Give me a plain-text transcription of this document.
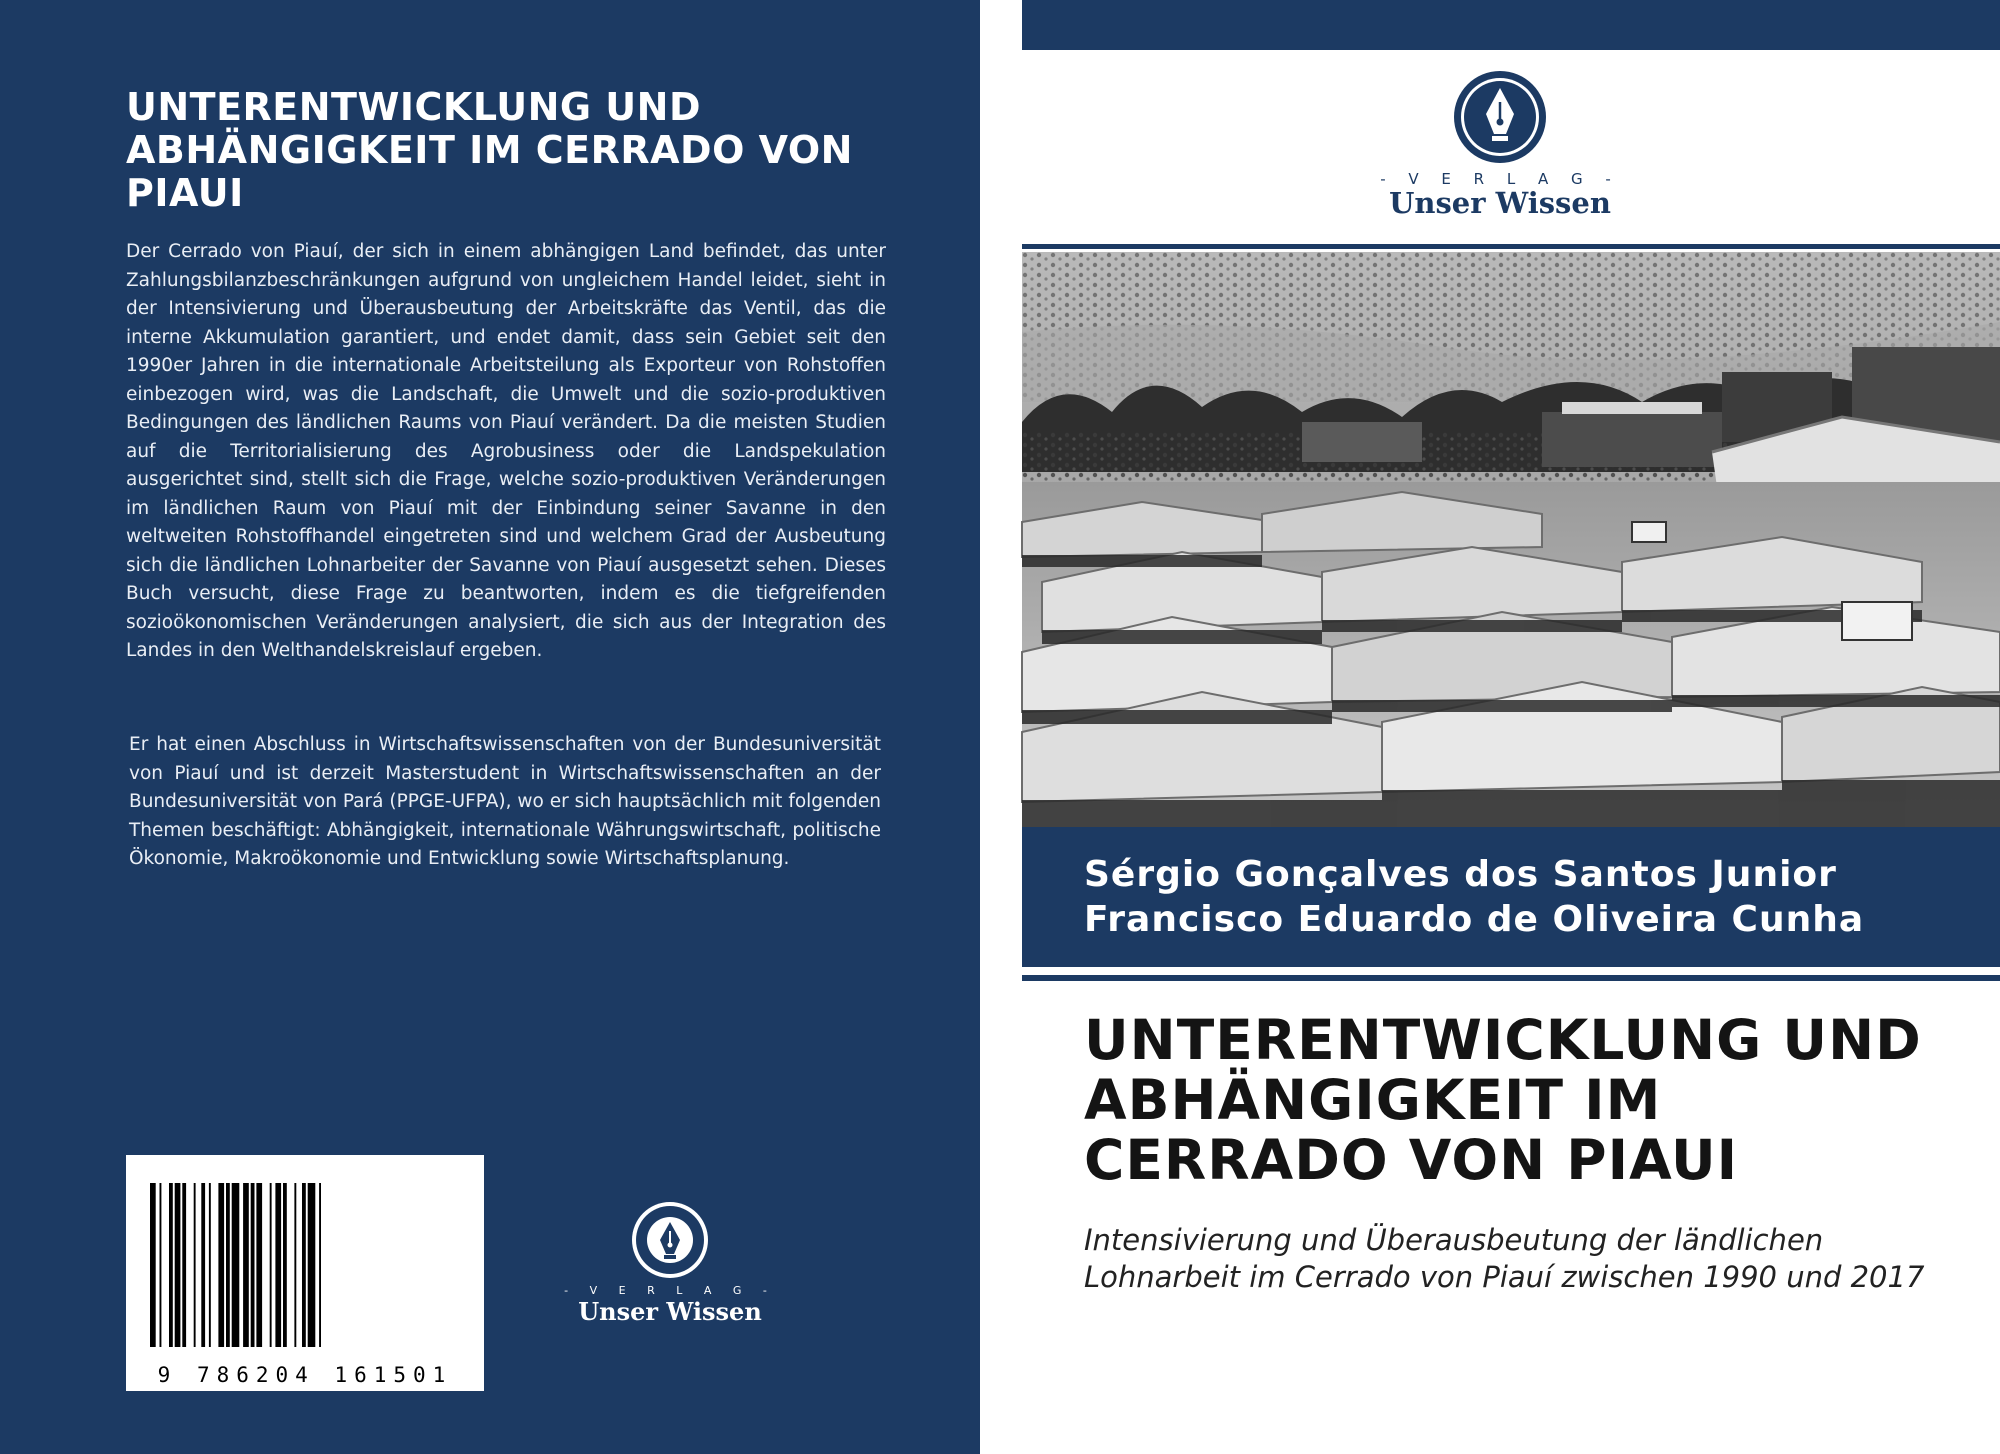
UNTERENTWICKLUNG UND ABHÄNGIGKEIT IM CERRADO VON PIAUI

Der Cerrado von Piauí, der sich in einem abhängigen Land befindet, das unter Zahlungsbilanzbeschränkungen aufgrund von ungleichem Handel leidet, sieht in der Intensivierung und Überausbeutung der Arbeitskräfte das Ventil, das die interne Akkumulation garantiert, und endet damit, dass sein Gebiet seit den 1990er Jahren in die internationale Arbeitsteilung als Exporteur von Rohstoffen einbezogen wird, was die Landschaft, die Umwelt und die sozio-produktiven Bedingungen des ländlichen Raums von Piauí verändert. Da die meisten Studien auf die Territorialisierung des Agrobusiness oder die Landspekulation ausgerichtet sind, stellt sich die Frage, welche sozio-produktiven Veränderungen im ländlichen Raum von Piauí mit der Einbindung seiner Savanne in den weltweiten Rohstoffhandel eingetreten sind und welchem Grad der Ausbeutung sich die ländlichen Lohnarbeiter der Savanne von Piauí ausgesetzt sehen. Dieses Buch versucht, diese Frage zu beantworten, indem es die tiefgreifenden sozioökonomischen Veränderungen analysiert, die sich aus der Integration des Landes in den Welthandelskreislauf ergeben.

Er hat einen Abschluss in Wirtschaftswissenschaften von der Bundesuniversität von Piauí und ist derzeit Masterstudent in Wirtschaftswissenschaften an der Bundesuniversität von Pará (PPGE-UFPA), wo er sich hauptsächlich mit folgenden Themen beschäftigt: Abhängigkeit, internationale Währungswirtschaft, politische Ökonomie, Makroökonomie und Entwicklung sowie Wirtschaftsplanung.

9 786204 161501
- V E R L A G -
Unser Wissen
- V E R L A G -
Unser Wissen

Sérgio Gonçalves dos Santos Junior

Francisco Eduardo de Oliveira Cunha

UNTERENTWICKLUNG UND ABHÄNGIGKEIT IM CERRADO VON PIAUI

Intensivierung und Überausbeutung der ländlichen Lohnarbeit im Cerrado von Piauí zwischen 1990 und 2017
